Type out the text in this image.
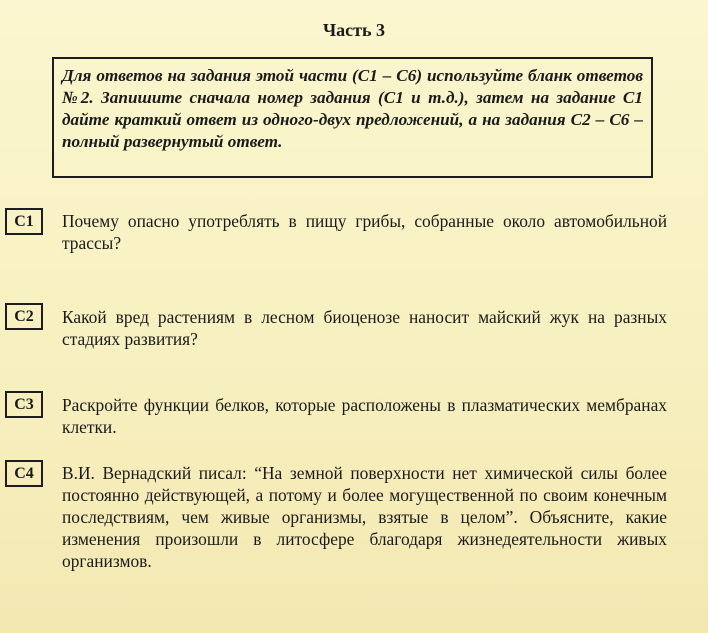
Часть 3
Для ответов на задания этой части (С1 – С6) используйте бланк ответов №2. Запишите сначала номер задания (С1 и т.д.), затем на задание С1 дайте краткий ответ из одного-двух предложений, а на задания С2 – С6 – полный развернутый ответ.
С1	Почему опасно употреблять в пищу грибы, собранные около автомобильной трассы?
С2	Какой вред растениям в лесном биоценозе наносит майский жук на разных стадиях развития?
С3	Раскройте функции белков, которые расположены в плазматических мембранах клетки.
С4	В.И. Вернадский писал: “На земной поверхности нет химической силы более постоянно действующей, а потому и более могущественной по своим конечным последствиям, чем живые организмы, взятые в целом”. Объясните, какие изменения произошли в литосфере благодаря жизнедеятельности живых организмов.
